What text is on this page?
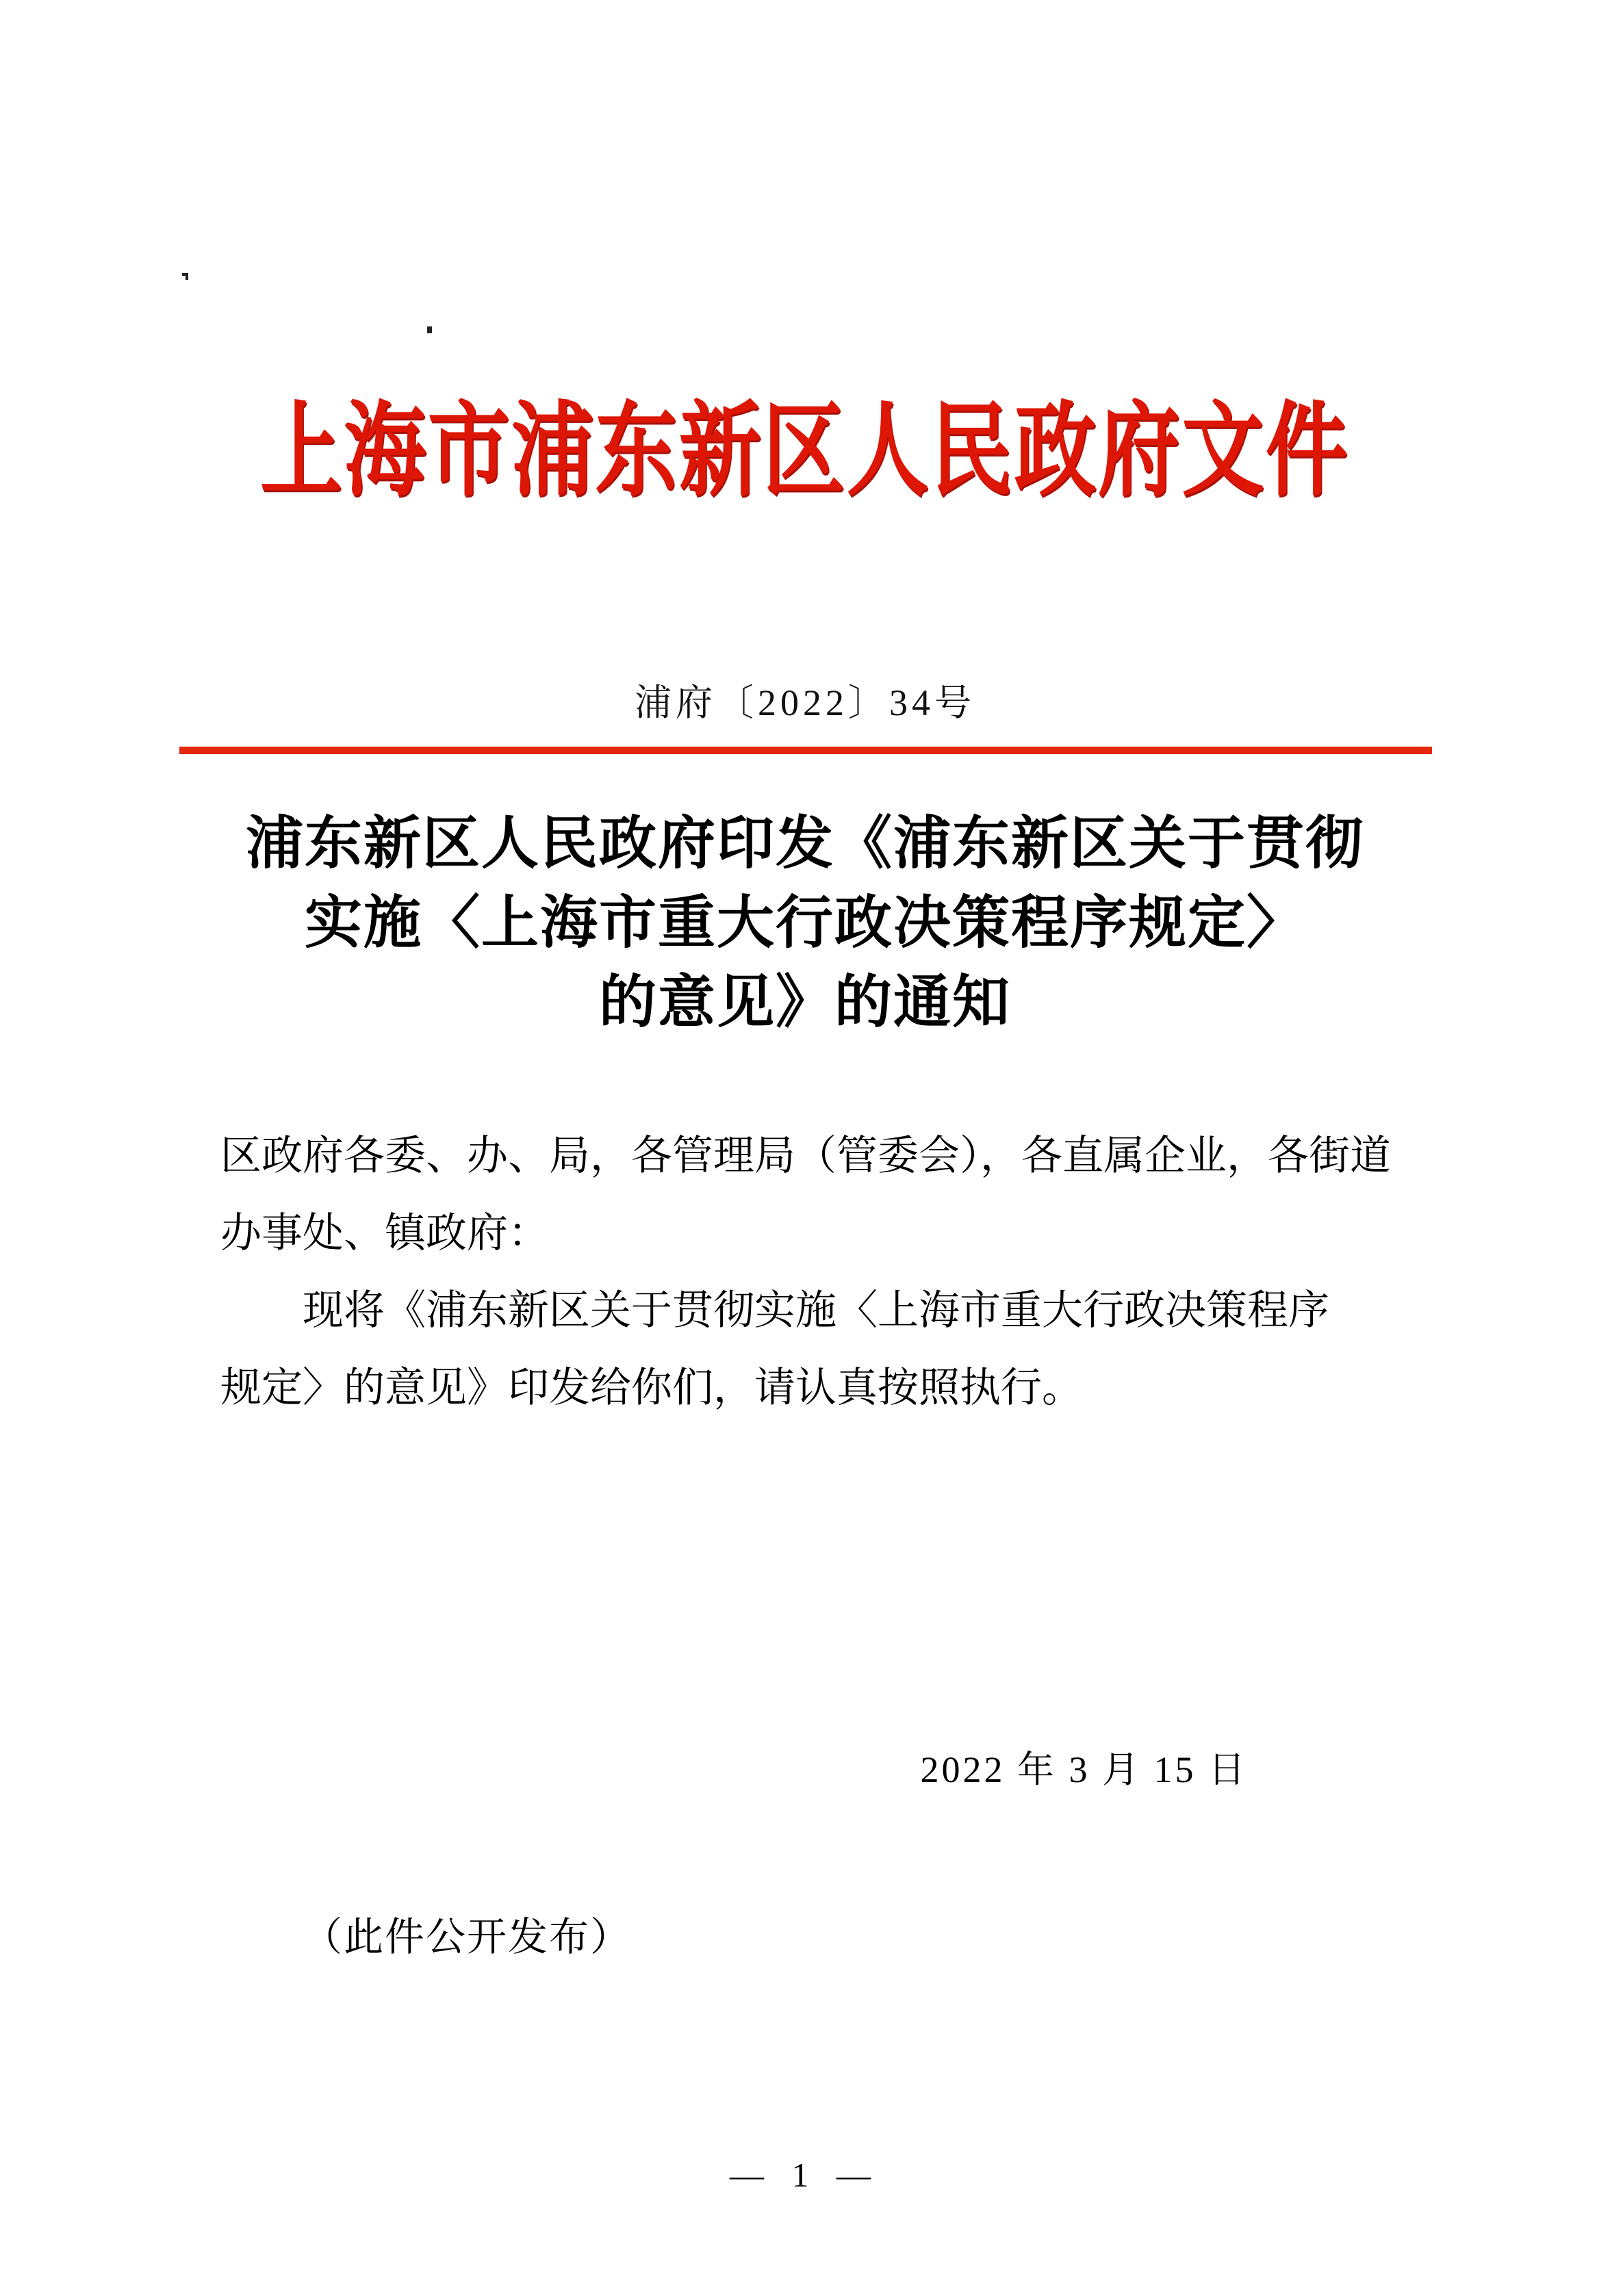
上海市浦东新区人民政府文件
浦府〔2022〕34号
浦东新区人民政府印发《浦东新区关于贯彻
实施〈上海市重大行政决策程序规定〉
的意见》的通知
区政府各委、办、局，各管理局（管委会），各直属企业，各街道
办事处、镇政府：
现将《浦东新区关于贯彻实施〈上海市重大行政决策程序
规定〉的意见》印发给你们，请认真按照执行。
2022 年 3 月 15 日
（此件公开发布）
— 1 —
